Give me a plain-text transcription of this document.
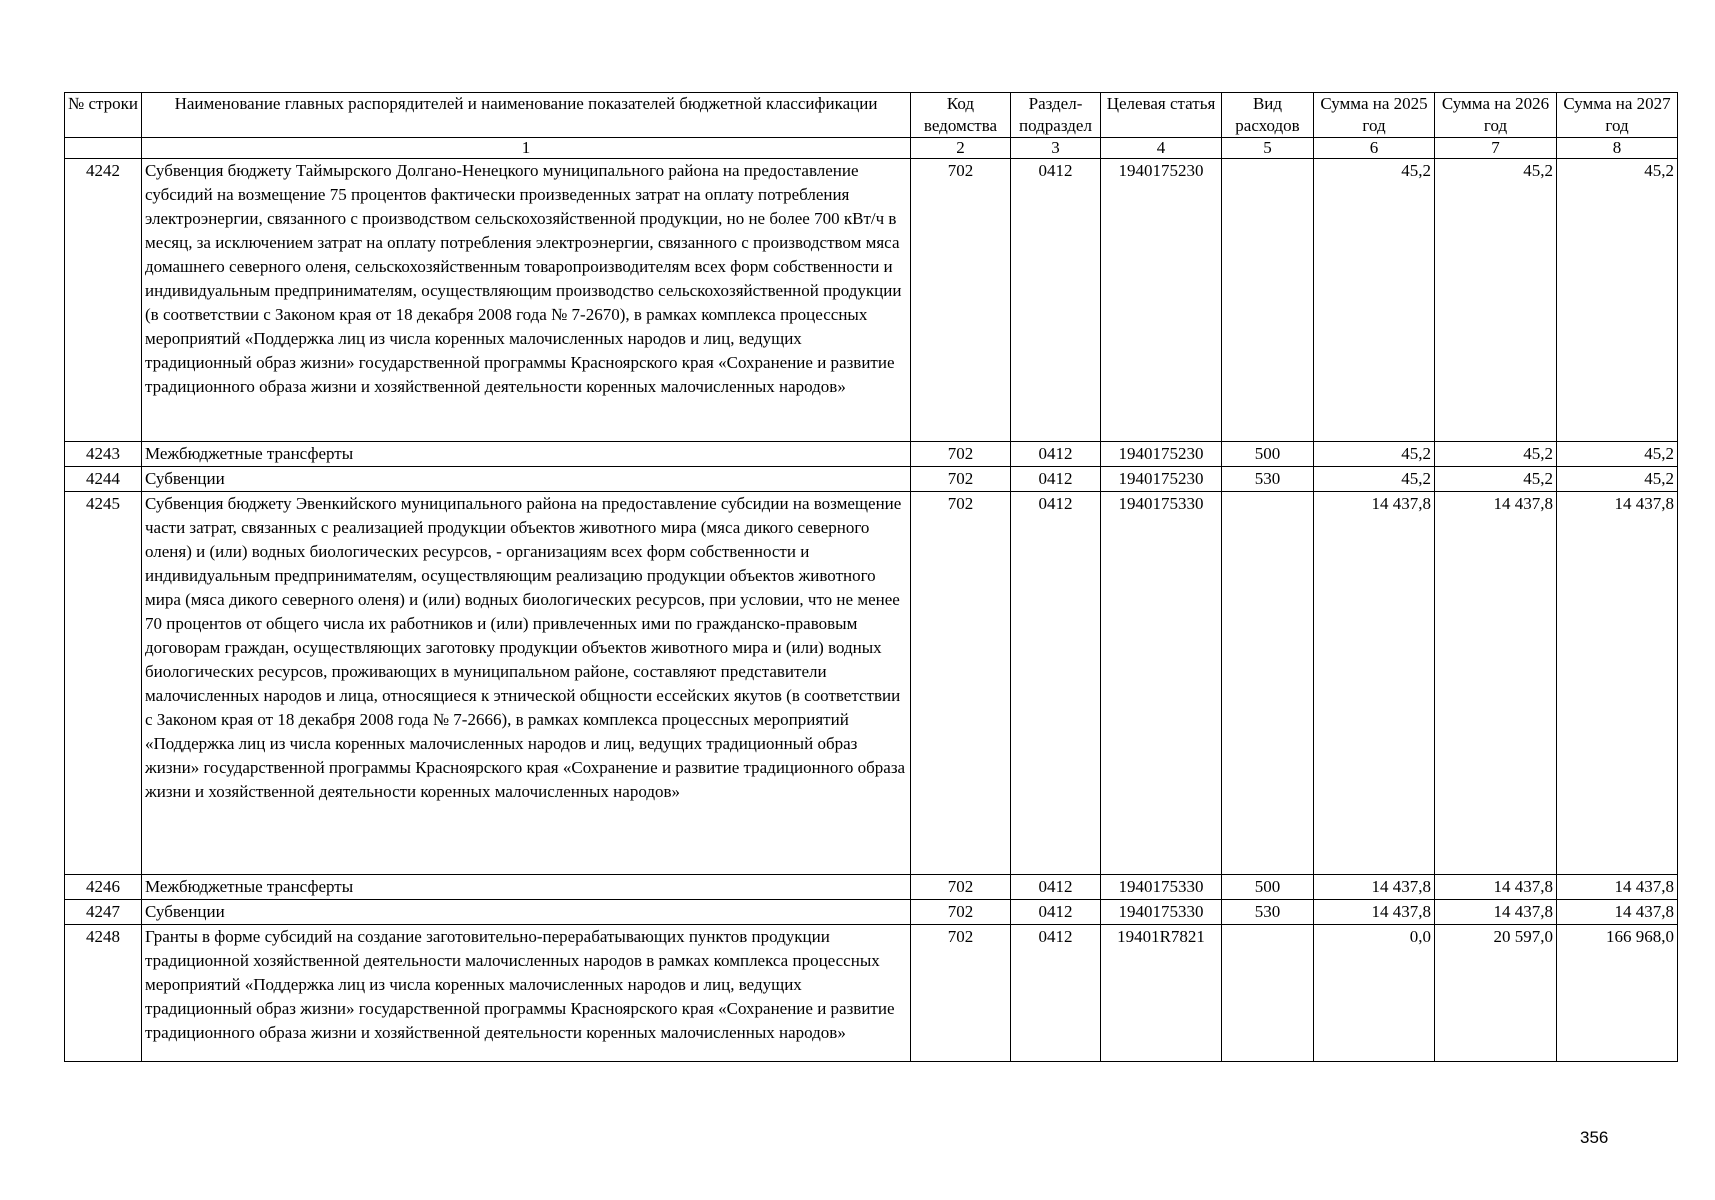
№ строки	Наименование главных распорядителей и наименование показателей бюджетной классификации	Код ведомства	Раздел-подраздел	Целевая статья	Вид расходов	Сумма на 2025 год	Сумма на 2026 год	Сумма на 2027 год
	1	2	3	4	5	6	7	8
4242	Субвенция бюджету Таймырского Долгано-Ненецкого муниципального района на предоставление субсидий на возмещение 75 процентов фактически произведенных затрат на оплату потребления электроэнергии, связанного с производством сельскохозяйственной продукции, но не более 700 кВт/ч в месяц, за исключением затрат на оплату потребления электроэнергии, связанного с производством мяса домашнего северного оленя, сельскохозяйственным товаропроизводителям всех форм собственности и индивидуальным предпринимателям, осуществляющим производство сельскохозяйственной продукции (в соответствии с Законом края от 18 декабря 2008 года № 7-2670), в рамках комплекса процессных мероприятий «Поддержка лиц из числа коренных малочисленных народов и лиц, ведущих традиционный образ жизни» государственной программы Красноярского края «Сохранение и развитие традиционного образа жизни и хозяйственной деятельности коренных малочисленных народов»	702	0412	1940175230		45,2	45,2	45,2
4243	Межбюджетные трансферты	702	0412	1940175230	500	45,2	45,2	45,2
4244	Субвенции	702	0412	1940175230	530	45,2	45,2	45,2
4245	Субвенция бюджету Эвенкийского муниципального района на предоставление субсидии на возмещение части затрат, связанных с реализацией продукции объектов животного мира (мяса дикого северного оленя) и (или) водных биологических ресурсов, - организациям всех форм собственности и индивидуальным предпринимателям, осуществляющим реализацию продукции объектов животного мира (мяса дикого северного оленя) и (или) водных биологических ресурсов, при условии, что не менее 70 процентов от общего числа их работников и (или) привлеченных ими по гражданско-правовым договорам граждан, осуществляющих заготовку продукции объектов животного мира и (или) водных биологических ресурсов, проживающих в муниципальном районе, составляют представители малочисленных народов и лица, относящиеся к этнической общности ессейских якутов (в соответствии с Законом края от 18 декабря 2008 года № 7-2666), в рамках комплекса процессных мероприятий «Поддержка лиц из числа коренных малочисленных народов и лиц, ведущих традиционный образ жизни» государственной программы Красноярского края «Сохранение и развитие традиционного образа жизни и хозяйственной деятельности коренных малочисленных народов»	702	0412	1940175330		14 437,8	14 437,8	14 437,8
4246	Межбюджетные трансферты	702	0412	1940175330	500	14 437,8	14 437,8	14 437,8
4247	Субвенции	702	0412	1940175330	530	14 437,8	14 437,8	14 437,8
4248	Гранты в форме субсидий на создание заготовительно-перерабатывающих пунктов продукции традиционной хозяйственной деятельности малочисленных народов в рамках комплекса процессных мероприятий «Поддержка лиц из числа коренных малочисленных народов и лиц, ведущих традиционный образ жизни» государственной программы Красноярского края «Сохранение и развитие традиционного образа жизни и хозяйственной деятельности коренных малочисленных народов»	702	0412	19401R7821		0,0	20 597,0	166 968,0
356
